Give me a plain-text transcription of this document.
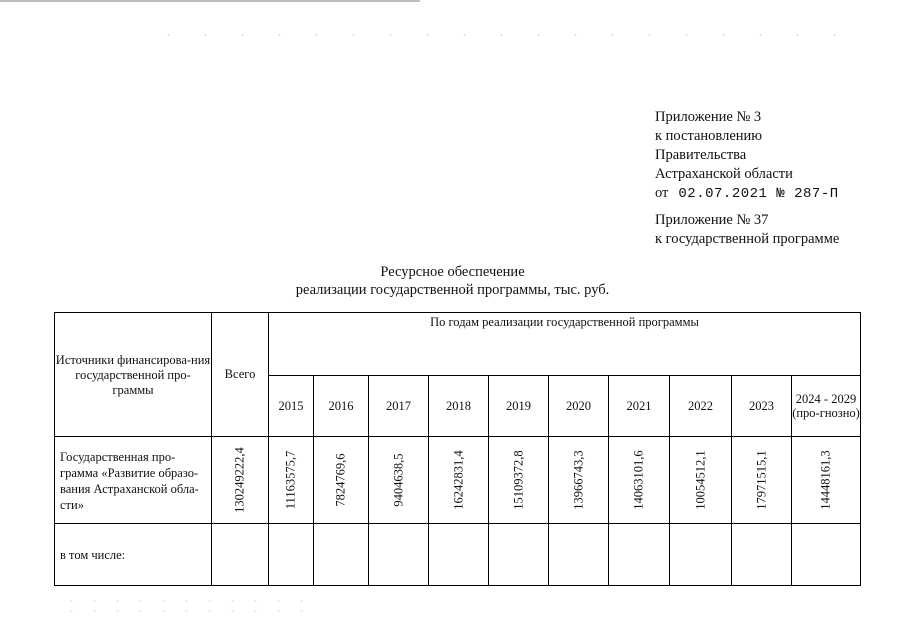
Приложение № 3
к постановлению
Правительства
Астраханской области
от 02.07.2021 № 287-П
Приложение № 37
к государственной программе
Ресурсное обеспечение
реализации государственной программы, тыс. руб.
Источники финансирова-ния государственной про-граммы	Всего	По годам реализации государственной программы									
		2015	2016	2017	2018	2019	2020	2021	2022	2023	2024 - 2029 (про-гнозно)
Государственная про-грамма «Развитие образо-вания Астраханской обла-сти»	130249222,4	11163575,7	7824769,6	9404638,5	16242831,4	15109372,8	13966743,3	14063101,6	10054512,1	17971515,1	14448161,3

в том числе:											
